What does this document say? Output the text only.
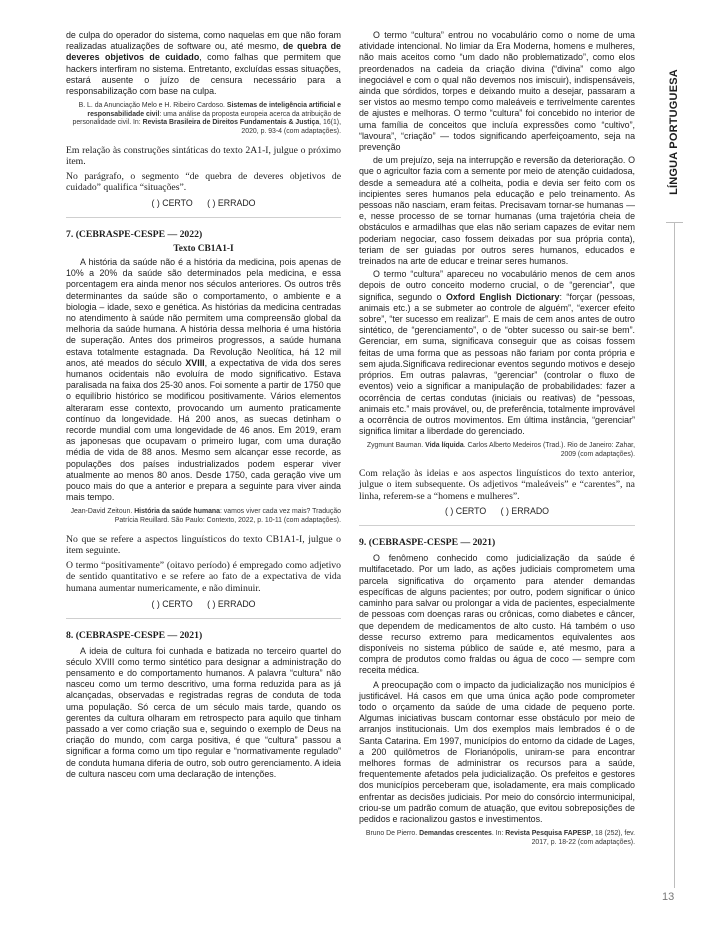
LÍNGUA PORTUGUESA
13

de culpa do operador do sistema, como naquelas em que não foram realizadas atualizações de software ou, até mesmo, de quebra de deveres objetivos de cuidado, como falhas que permitem que hackers interfiram no sistema. Entretanto, excluídas essas situações, estará ausente o juízo de censura necessário para a responsabilização com base na culpa.

B. L. da Anunciação Melo e H. Ribeiro Cardoso. Sistemas de inteligência artificial e responsabilidade civil: uma análise da proposta europeia acerca da atribuição de personalidade civil. In: Revista Brasileira de Direitos Fundamentais & Justiça, 16(1), 2020, p. 93-4 (com adaptações).

Em relação às construções sintáticas do texto 2A1-I, julgue o próximo item.

No parágrafo, o segmento “de quebra de deveres objetivos de cuidado” qualifica “situações”.

( ) CERTO ( ) ERRADO

7. (CEBRASPE-CESPE — 2022)

Texto CB1A1-I

A história da saúde não é a história da medicina, pois apenas de 10% a 20% da saúde são determinados pela medicina, e essa porcentagem era ainda menor nos séculos anteriores. Os outros três determinantes da saúde são o comportamento, o ambiente e a biologia – idade, sexo e genética. As histórias da medicina centradas no atendimento à saúde não permitem uma compreensão global da melhoria da saúde humana. A história dessa melhoria é uma história de superação. Antes dos primeiros progressos, a saúde humana estava totalmente estagnada. Da Revolução Neolítica, há 12 mil anos, até meados do século XVIII, a expectativa de vida dos seres humanos ocidentais não evoluíra de modo significativo. Estava paralisada na faixa dos 25-30 anos. Foi somente a partir de 1750 que o equilíbrio histórico se modificou positivamente. Vários elementos alteraram esse contexto, provocando um aumento praticamente contínuo da longevidade. Há 200 anos, as suecas detinham o recorde mundial com uma longevidade de 46 anos. Em 2019, eram as japonesas que ocupavam o primeiro lugar, com uma duração média de vida de 88 anos. Mesmo sem alcançar esse recorde, as populações dos países industrializados podem esperar viver atualmente ao menos 80 anos. Desde 1750, cada geração vive um pouco mais do que a anterior e prepara a seguinte para viver ainda mais tempo.

Jean-David Zeitoun. História da saúde humana: vamos viver cada vez mais? Tradução Patrícia Reuillard. São Paulo: Contexto, 2022, p. 10-11 (com adaptações).

No que se refere a aspectos linguísticos do texto CB1A1-I, julgue o item seguinte.

O termo “positivamente” (oitavo período) é empregado como adjetivo de sentido quantitativo e se refere ao fato de a expectativa de vida humana aumentar numericamente, e não diminuir.

( ) CERTO ( ) ERRADO

8. (CEBRASPE-CESPE — 2021)

A ideia de cultura foi cunhada e batizada no terceiro quartel do século XVIII como termo sintético para designar a administração do pensamento e do comportamento humanos. A palavra “cultura” não nasceu como um termo descritivo, uma forma reduzida para as já alcançadas, observadas e registradas regras de conduta de toda uma população. Só cerca de um século mais tarde, quando os gerentes da cultura olharam em retrospecto para aquilo que tinham passado a ver como criação sua e, seguindo o exemplo de Deus na criação do mundo, com carga positiva, é que “cultura” passou a significar a forma como um tipo regular e “normativamente regulado” de conduta humana diferia de outro, sob outro gerenciamento. A ideia de cultura nasceu com uma declaração de intenções.

O termo “cultura” entrou no vocabulário como o nome de uma atividade intencional. No limiar da Era Moderna, homens e mulheres, não mais aceitos como “um dado não problematizado”, como elos preordenados na cadeia da criação divina (“divina” como algo inegociável e com o qual não devemos nos imiscuir), indispensáveis, ainda que sórdidos, torpes e deixando muito a desejar, passaram a ser vistos ao mesmo tempo como maleáveis e terrivelmente carentes de ajustes e melhoras. O termo “cultura” foi concebido no interior de uma família de conceitos que incluía expressões como “cultivo”, “lavoura”, “criação” — todos significando aperfeiçoamento, seja na prevenção

de um prejuízo, seja na interrupção e reversão da deterioração. O que o agricultor fazia com a semente por meio de atenção cuidadosa, desde a semeadura até a colheita, podia e devia ser feito com os incipientes seres humanos pela educação e pelo treinamento. As pessoas não nasciam, eram feitas. Precisavam tornar-se humanas — e, nesse processo de se tornar humanas (uma trajetória cheia de obstáculos e armadilhas que elas não seriam capazes de evitar nem poderiam negociar, caso fossem deixadas por sua própria conta), teriam de ser guiadas por outros seres humanos, educados e treinados na arte de educar e treinar seres humanos.

O termo “cultura” apareceu no vocabulário menos de cem anos depois de outro conceito moderno crucial, o de “gerenciar”, que significa, segundo o Oxford English Dictionary: “forçar (pessoas, animais etc.) a se submeter ao controle de alguém”, “exercer efeito sobre”, “ter sucesso em realizar”. E mais de cem anos antes de outro sintético, de “gerenciamento”, o de “obter sucesso ou sair-se bem”. Gerenciar, em suma, significava conseguir que as coisas fossem feitas de uma forma que as pessoas não fariam por conta própria e sem ajuda.Significava redirecionar eventos segundo motivos e desejo próprios. Em outras palavras, “gerenciar” (controlar o fluxo de eventos) veio a significar a manipulação de probabilidades: fazer a ocorrência de certas condutas (iniciais ou reativas) de “pessoas, animais etc.” mais provável, ou, de preferência, totalmente improvável a ocorrência de outros movimentos. Em última instância, “gerenciar” significa limitar a liberdade do gerenciado.

Zygmunt Bauman. Vida líquida. Carlos Alberto Medeiros (Trad.). Rio de Janeiro: Zahar, 2009 (com adaptações).

Com relação às ideias e aos aspectos linguísticos do texto anterior, julgue o item subsequente. Os adjetivos “maleáveis” e “carentes”, na linha, referem-se a “homens e mulheres”.

( ) CERTO ( ) ERRADO

9. (CEBRASPE-CESPE — 2021)

O fenômeno conhecido como judicialização da saúde é multifacetado. Por um lado, as ações judiciais comprometem uma parcela significativa do orçamento para atender demandas específicas de alguns pacientes; por outro, podem significar o único caminho para salvar ou prolongar a vida de pacientes, especialmente de pessoas com doenças raras ou crônicas, como diabetes e câncer, que dependem de medicamentos de alto custo. Há também o uso desse recurso extremo para medicamentos equivalentes aos disponíveis no sistema público de saúde e, até mesmo, para a compra de produtos como fraldas ou água de coco — sempre com receita médica.

A preocupação com o impacto da judicialização nos municípios é justificável. Há casos em que uma única ação pode comprometer todo o orçamento da saúde de uma cidade de pequeno porte. Algumas iniciativas buscam contornar esse obstáculo por meio de arranjos institucionais. Um dos exemplos mais lembrados é o de Santa Catarina. Em 1997, municípios do entorno da cidade de Lages, a 200 quilômetros de Florianópolis, uniram-se para encontrar melhores formas de administrar os recursos para a saúde, frequentemente afetados pela judicialização. Os prefeitos e gestores dos municípios perceberam que, isoladamente, era mais complicado enfrentar as decisões judiciais. Por meio do consórcio intermunicipal, criou-se um padrão comum de atuação, que evitou sobreposições de pedidos e racionalizou gastos e investimentos.

Bruno De Pierro. Demandas crescentes. In: Revista Pesquisa FAPESP, 18 (252), fev. 2017, p. 18-22 (com adaptações).
